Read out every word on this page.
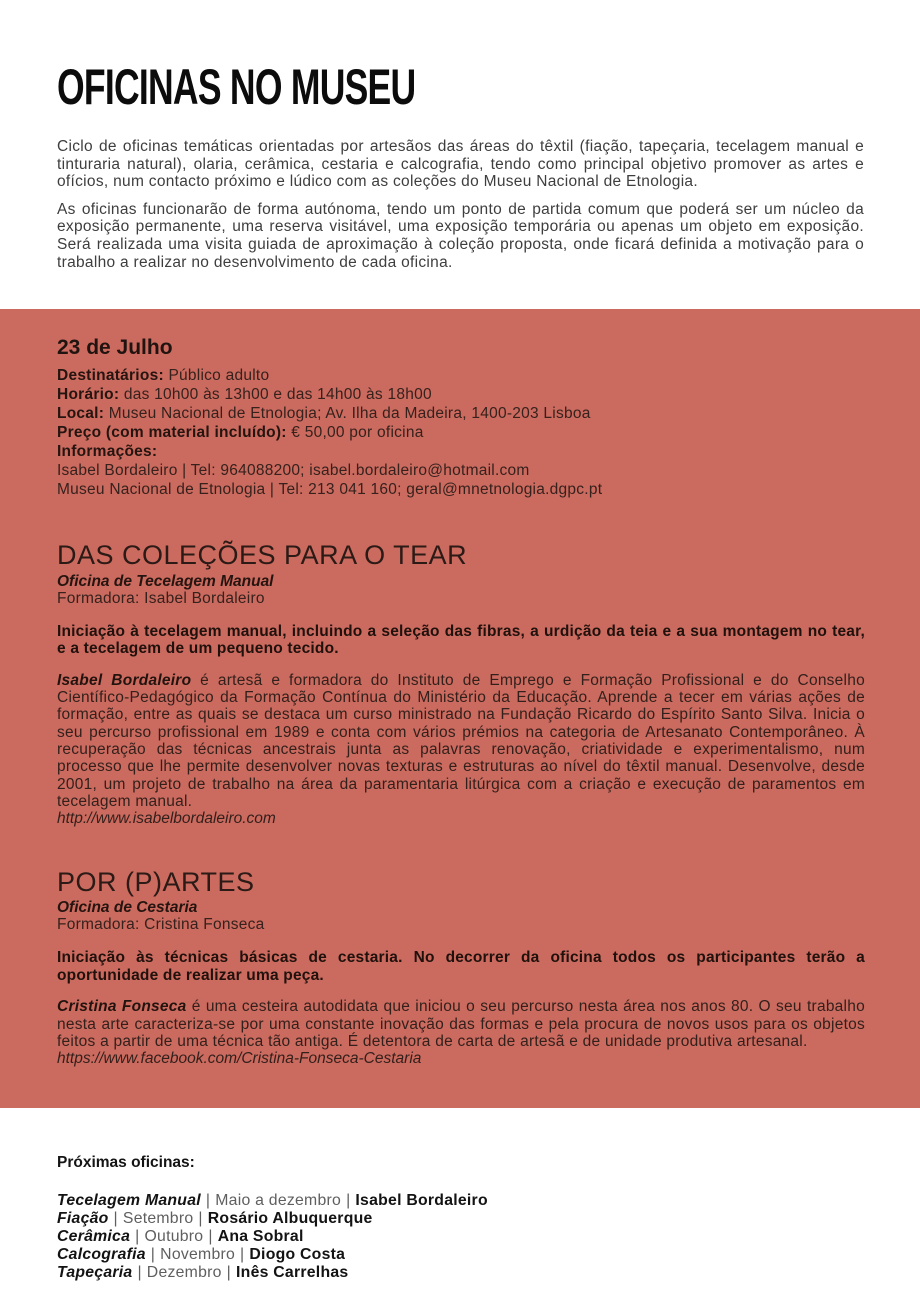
OFICINAS NO MUSEU

Ciclo de oficinas temáticas orientadas por artesãos das áreas do têxtil (fiação, tapeçaria, tecelagem manual e tinturaria natural), olaria, cerâmica, cestaria e calcografia, tendo como principal objetivo promover as artes e ofícios, num contacto próximo e lúdico com as coleções do Museu Nacional de Etnologia.

As oficinas funcionarão de forma autónoma, tendo um ponto de partida comum que poderá ser um núcleo da exposição permanente, uma reserva visitável, uma exposição temporária ou apenas um objeto em exposição. Será realizada uma visita guiada de aproximação à coleção proposta, onde ficará definida a motivação para o trabalho a realizar no desenvolvimento de cada oficina.

23 de Julho
Destinatários: Público adulto
Horário: das 10h00 às 13h00 e das 14h00 às 18h00
Local: Museu Nacional de Etnologia; Av. Ilha da Madeira, 1400-203 Lisboa
Preço (com material incluído): € 50,00 por oficina
Informações:
Isabel Bordaleiro | Tel: 964088200; isabel.bordaleiro@hotmail.com
Museu Nacional de Etnologia | Tel: 213 041 160; geral@mnetnologia.dgpc.pt
DAS COLEÇÕES PARA O TEAR
Oficina de Tecelagem Manual
Formadora: Isabel Bordaleiro

Iniciação à tecelagem manual, incluindo a seleção das fibras, a urdição da teia e a sua montagem no tear, e a tecelagem de um pequeno tecido.

Isabel Bordaleiro é artesã e formadora do Instituto de Emprego e Formação Profissional e do Conselho Científico-Pedagógico da Formação Contínua do Ministério da Educação. Aprende a tecer em várias ações de formação, entre as quais se destaca um curso ministrado na Fundação Ricardo do Espírito Santo Silva. Inicia o seu percurso profissional em 1989 e conta com vários prémios na categoria de Artesanato Contemporâneo. À recuperação das técnicas ancestrais junta as palavras renovação, criatividade e experimentalismo, num processo que lhe permite desenvolver novas texturas e estruturas ao nível do têxtil manual. Desenvolve, desde 2001, um projeto de trabalho na área da paramentaria litúrgica com a criação e execução de paramentos em tecelagem manual.

http://www.isabelbordaleiro.com

POR (P)ARTES
Oficina de Cestaria
Formadora: Cristina Fonseca

Iniciação às técnicas básicas de cestaria. No decorrer da oficina todos os participantes terão a oportunidade de realizar uma peça.

Cristina Fonseca é uma cesteira autodidata que iniciou o seu percurso nesta área nos anos 80. O seu trabalho nesta arte caracteriza-se por uma constante inovação das formas e pela procura de novos usos para os objetos feitos a partir de uma técnica tão antiga. É detentora de carta de artesã e de unidade produtiva artesanal.

https://www.facebook.com/Cristina-Fonseca-Cestaria

Próximas oficinas:
Tecelagem Manual | Maio a dezembro | Isabel Bordaleiro
Fiação | Setembro | Rosário Albuquerque
Cerâmica | Outubro | Ana Sobral
Calcografia | Novembro | Diogo Costa
Tapeçaria | Dezembro | Inês Carrelhas
